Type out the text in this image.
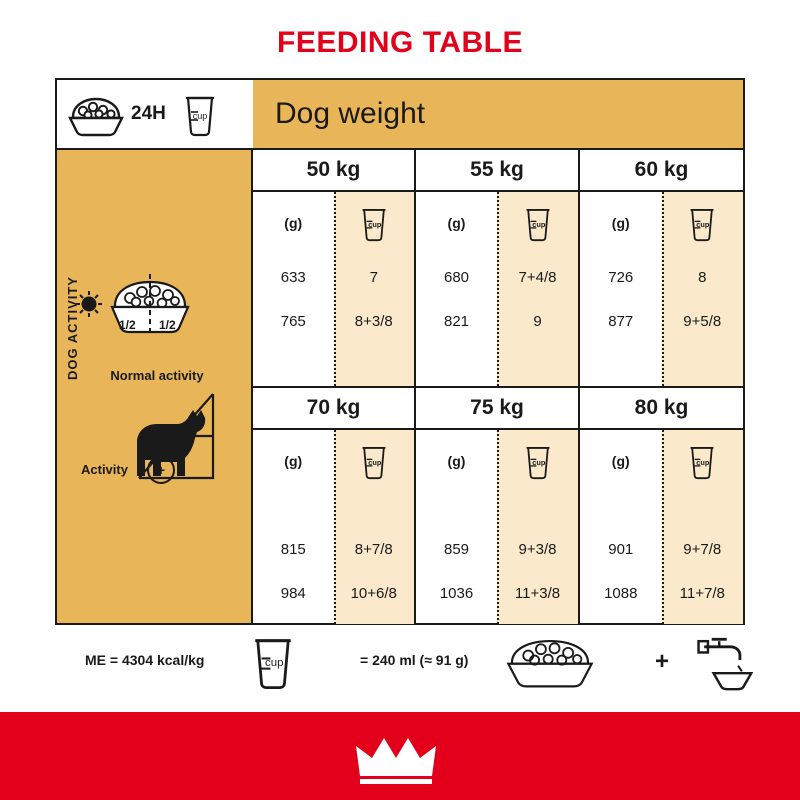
FEEDING TABLE
24H	cup	Dog weight
DOG ACTIVITY	1/2 1/2
Normal activity
Activity	+
50 kg
(g)	cup
633	7
765	8+3/8
55 kg
(g)	cup
680	7+4/8
821	9
60 kg
(g)	cup
726	8
877	9+5/8
70 kg
(g)	cup
815	8+7/8
984	10+6/8
75 kg
(g)	cup
859	9+3/8
1036	11+3/8
80 kg
(g)	cup
901	9+7/8
1088	11+7/8
ME = 4304 kcal/kg	cup	= 240 ml (≈ 91 g)	+
